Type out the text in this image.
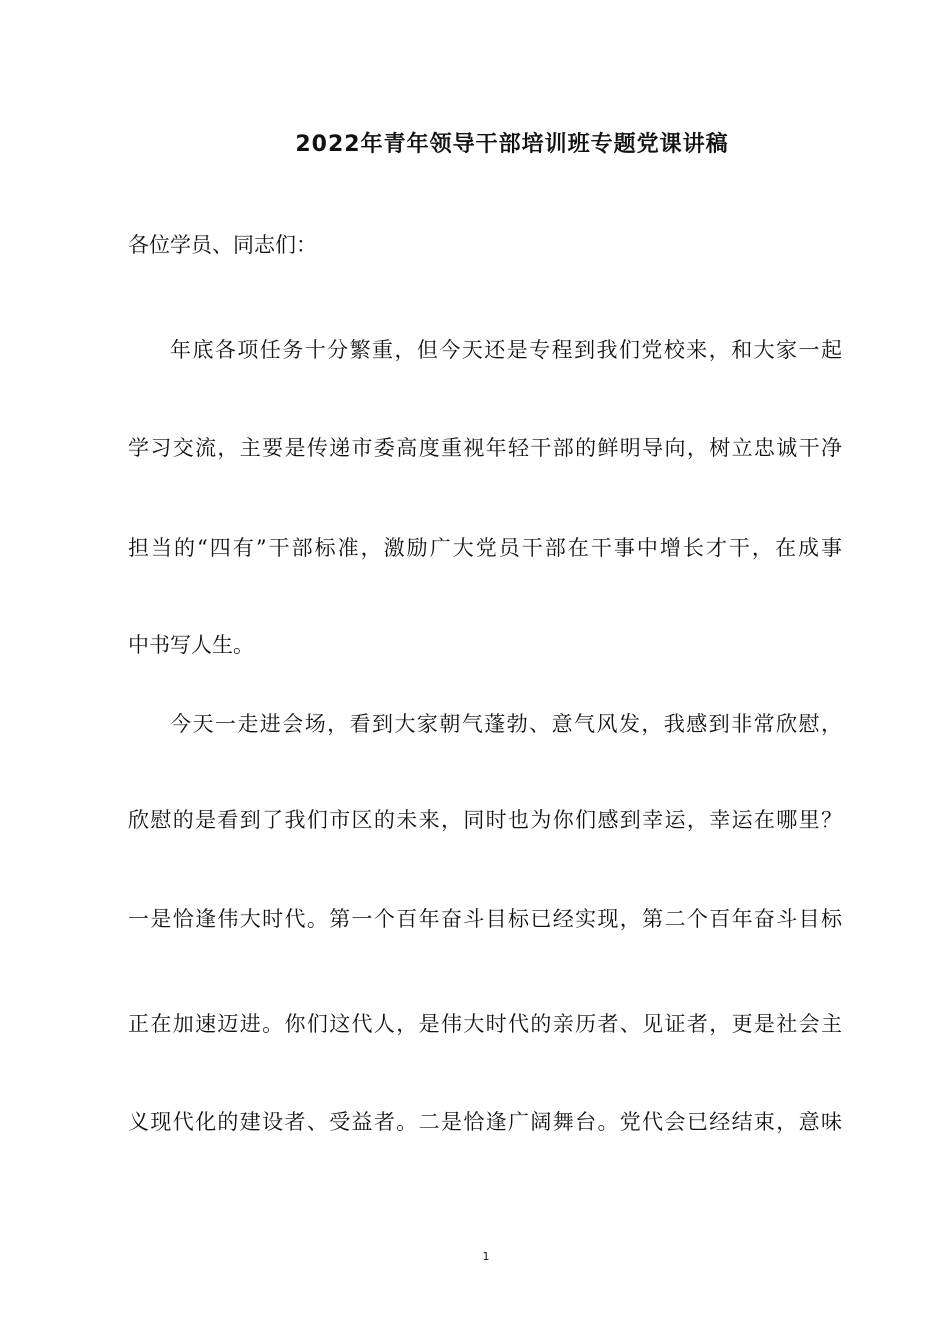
2022年青年领导干部培训班专题党课讲稿
各位学员、同志们：
年底各项任务十分繁重，但今天还是专程到我们党校来，和大家一起
学习交流，主要是传递市委高度重视年轻干部的鲜明导向，树立忠诚干净
担当的“四有”干部标准，激励广大党员干部在干事中增长才干，在成事
中书写人生。
今天一走进会场，看到大家朝气蓬勃、意气风发，我感到非常欣慰，
欣慰的是看到了我们市区的未来，同时也为你们感到幸运，幸运在哪里？
一是恰逢伟大时代。第一个百年奋斗目标已经实现，第二个百年奋斗目标
正在加速迈进。你们这代人，是伟大时代的亲历者、见证者，更是社会主
义现代化的建设者、受益者。二是恰逢广阔舞台。党代会已经结束，意味
1
